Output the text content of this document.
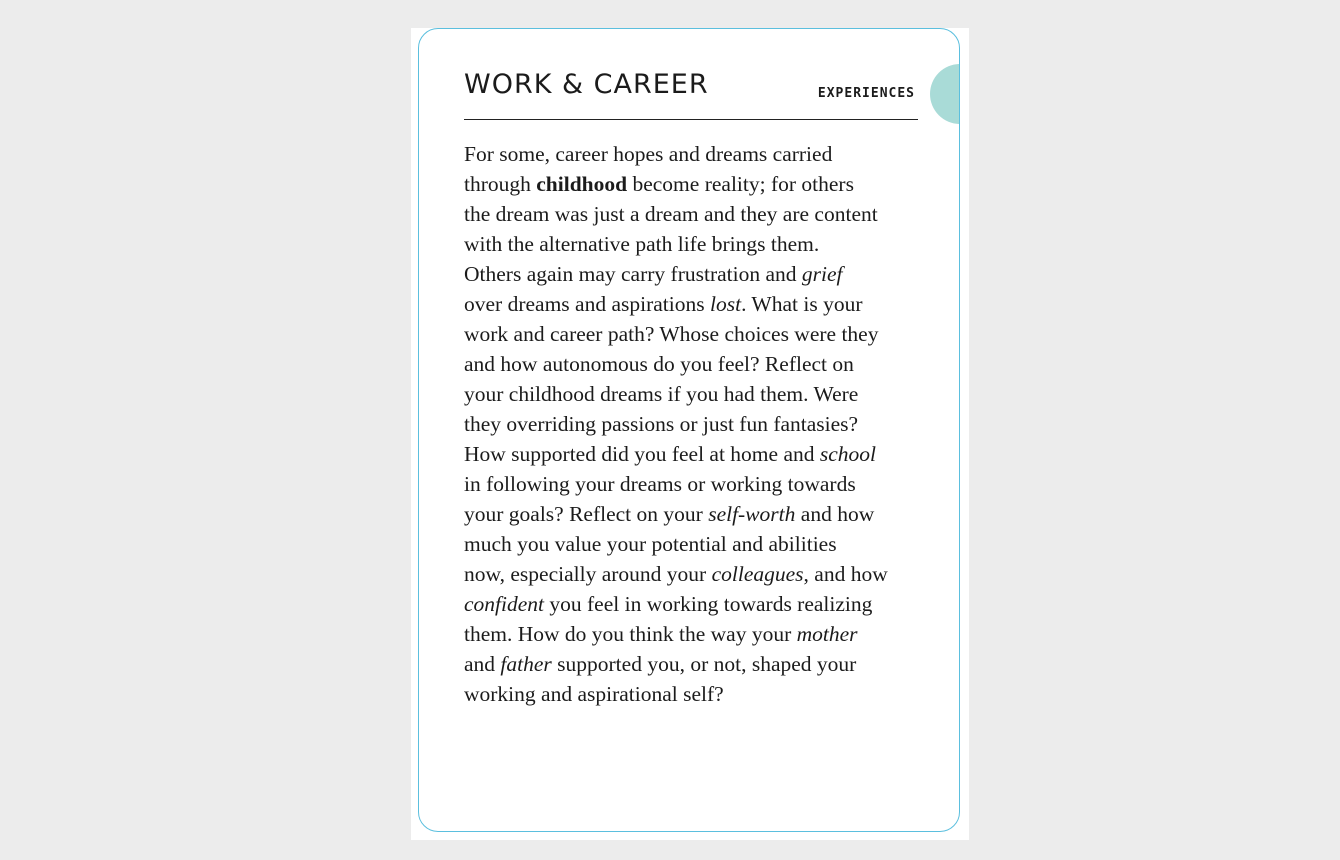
WORK & CAREER	EXPERIENCES

For some, career hopes and dreams carried
through childhood become reality; for others
the dream was just a dream and they are content
with the alternative path life brings them.
Others again may carry frustration and grief
over dreams and aspirations lost. What is your
work and career path? Whose choices were they
and how autonomous do you feel? Reflect on
your childhood dreams if you had them. Were
they overriding passions or just fun fantasies?
How supported did you feel at home and school
in following your dreams or working towards
your goals? Reflect on your self-worth and how
much you value your potential and abilities
now, especially around your colleagues, and how
confident you feel in working towards realizing
them. How do you think the way your mother
and father supported you, or not, shaped your
working and aspirational self?
